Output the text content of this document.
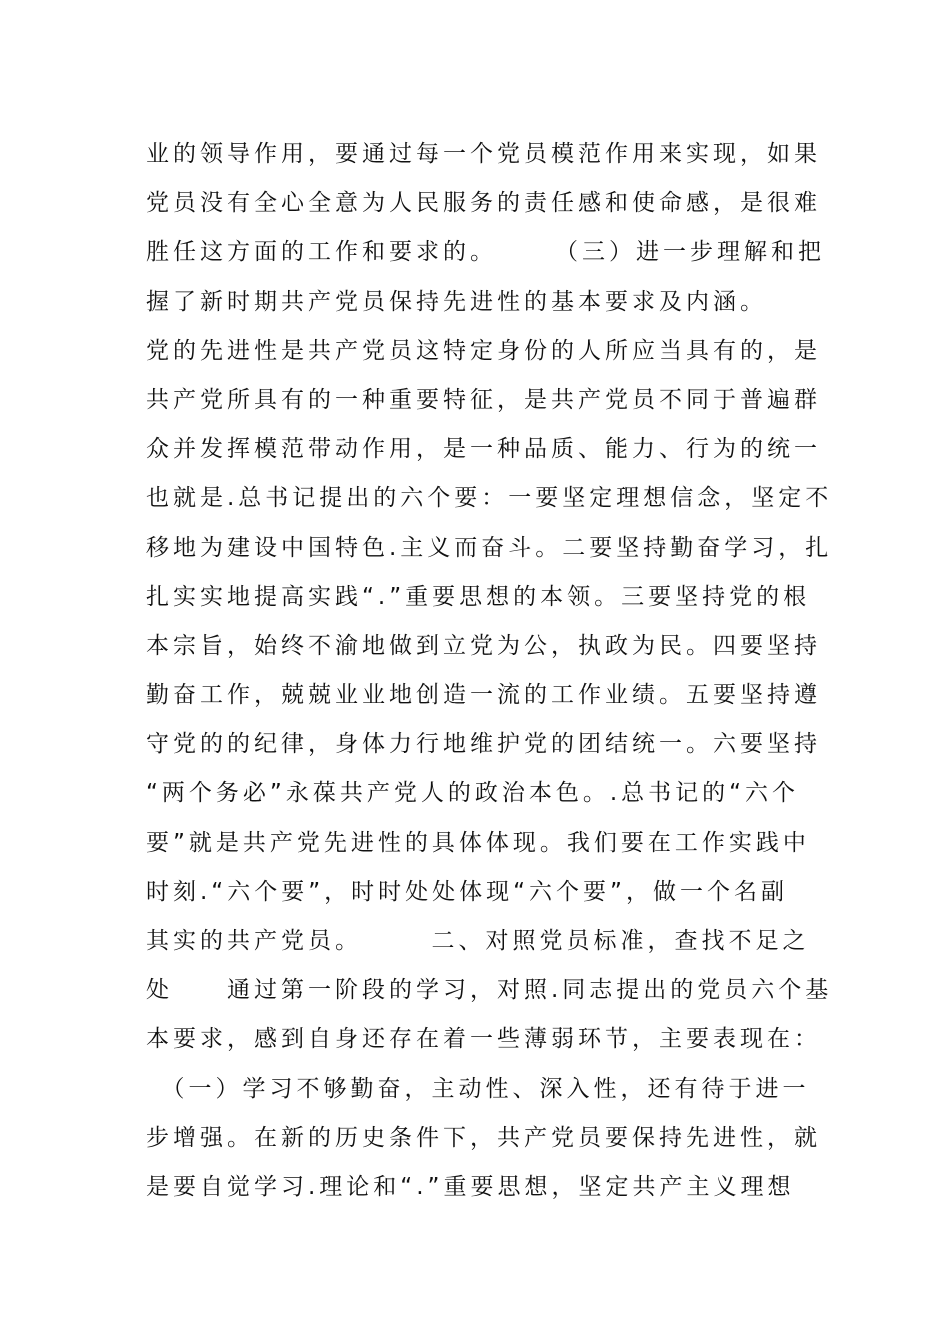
业的领导作用，要通过每一个党员模范作用来实现，如果
党员没有全心全意为人民服务的责任感和使命感，是很难
胜任这方面的工作和要求的。　　　（三）进一步理解和把
握了新时期共产党员保持先进性的基本要求及内涵。
党的先进性是共产党员这特定身份的人所应当具有的，是
共产党所具有的一种重要特征，是共产党员不同于普遍群
众并发挥模范带动作用，是一种品质、能力、行为的统一
也就是.总书记提出的六个要：一要坚定理想信念，坚定不
移地为建设中国特色.主义而奋斗。二要坚持勤奋学习，扎
扎实实地提高实践“.”重要思想的本领。三要坚持党的根
本宗旨，始终不渝地做到立党为公，执政为民。四要坚持
勤奋工作，兢兢业业地创造一流的工作业绩。五要坚持遵
守党的的纪律，身体力行地维护党的团结统一。六要坚持
“两个务必”永葆共产党人的政治本色。.总书记的“六个
要”就是共产党先进性的具体体现。我们要在工作实践中
时刻.“六个要”，时时处处体现“六个要”，做一个名副
其实的共产党员。　　　二、对照党员标准，查找不足之
处　　通过第一阶段的学习，对照.同志提出的党员六个基
本要求，感到自身还存在着一些薄弱环节，主要表现在：
　（一）学习不够勤奋，主动性、深入性，还有待于进一
步增强。在新的历史条件下，共产党员要保持先进性，就
是要自觉学习.理论和“.”重要思想，坚定共产主义理想
